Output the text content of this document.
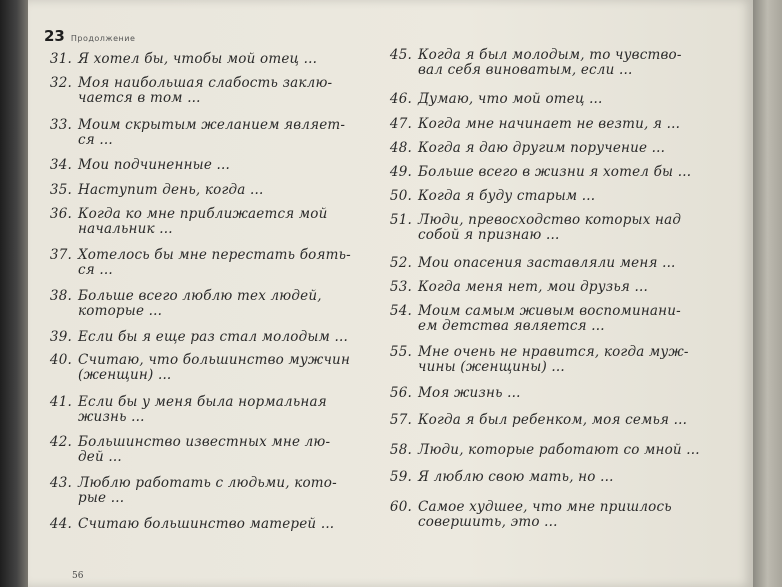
23 Продолжение
31. Я хотел бы, чтобы мой отец ...
32. Моя наибольшая слабость заклю-
чается в том ...
33. Моим скрытым желанием являет-
ся ...
34. Мои подчиненные ...
35. Наступит день, когда ...
36. Когда ко мне приближается мой
начальник ...
37. Хотелось бы мне перестать боять-
ся ...
38. Больше всего люблю тех людей,
которые ...
39. Если бы я еще раз стал молодым ...
40. Считаю, что большинство мужчин
(женщин) ...
41. Если бы у меня была нормальная
жизнь ...
42. Большинство известных мне лю-
дей ...
43. Люблю работать с людьми, кото-
рые ...
44. Считаю большинство матерей ...
45. Когда я был молодым, то чувство-
вал себя виноватым, если ...
46. Думаю, что мой отец ...
47. Когда мне начинает не везти, я ...
48. Когда я даю другим поручение ...
49. Больше всего в жизни я хотел бы ...
50. Когда я буду старым ...
51. Люди, превосходство которых над
собой я признаю ...
52. Мои опасения заставляли меня ...
53. Когда меня нет, мои друзья ...
54. Моим самым живым воспоминани-
ем детства является ...
55. Мне очень не нравится, когда муж-
чины (женщины) ...
56. Моя жизнь ...
57. Когда я был ребенком, моя семья ...
58. Люди, которые работают со мной ...
59. Я люблю свою мать, но ...
60. Самое худшее, что мне пришлось
совершить, это ...
56
